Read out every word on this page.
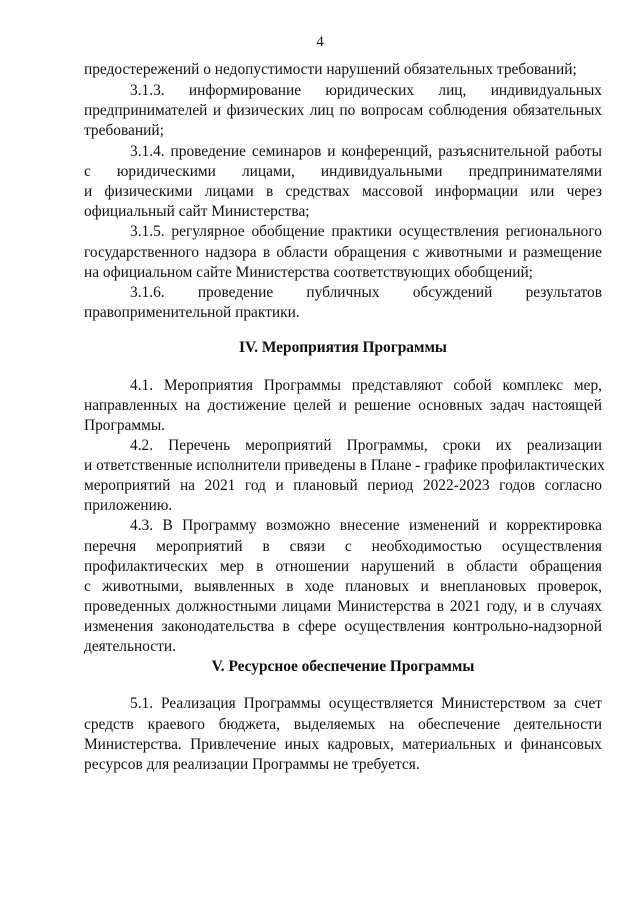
4
предостережений о недопустимости нарушений обязательных требований;
3.1.3. информирование юридических лиц, индивидуальных
предпринимателей и физических лиц по вопросам соблюдения обязательных
требований;
3.1.4. проведение семинаров и конференций, разъяснительной работы
с юридическими лицами, индивидуальными предпринимателями
и физическими лицами в средствах массовой информации или через
официальный сайт Министерства;
3.1.5. регулярное обобщение практики осуществления регионального
государственного надзора в области обращения с животными и размещение
на официальном сайте Министерства соответствующих обобщений;
3.1.6. проведение публичных обсуждений результатов
правоприменительной практики.
IV. Мероприятия Программы
4.1. Мероприятия Программы представляют собой комплекс мер,
направленных на достижение целей и решение основных задач настоящей
Программы.
4.2. Перечень мероприятий Программы, сроки их реализации
и ответственные исполнители приведены в Плане - графике профилактических
мероприятий на 2021 год и плановый период 2022-2023 годов согласно
приложению.
4.3. В Программу возможно внесение изменений и корректировка
перечня мероприятий в связи с необходимостью осуществления
профилактических мер в отношении нарушений в области обращения
с животными, выявленных в ходе плановых и внеплановых проверок,
проведенных должностными лицами Министерства в 2021 году, и в случаях
изменения законодательства в сфере осуществления контрольно-надзорной
деятельности.
V. Ресурсное обеспечение Программы
5.1. Реализация Программы осуществляется Министерством за счет
средств краевого бюджета, выделяемых на обеспечение деятельности
Министерства. Привлечение иных кадровых, материальных и финансовых
ресурсов для реализации Программы не требуется.
